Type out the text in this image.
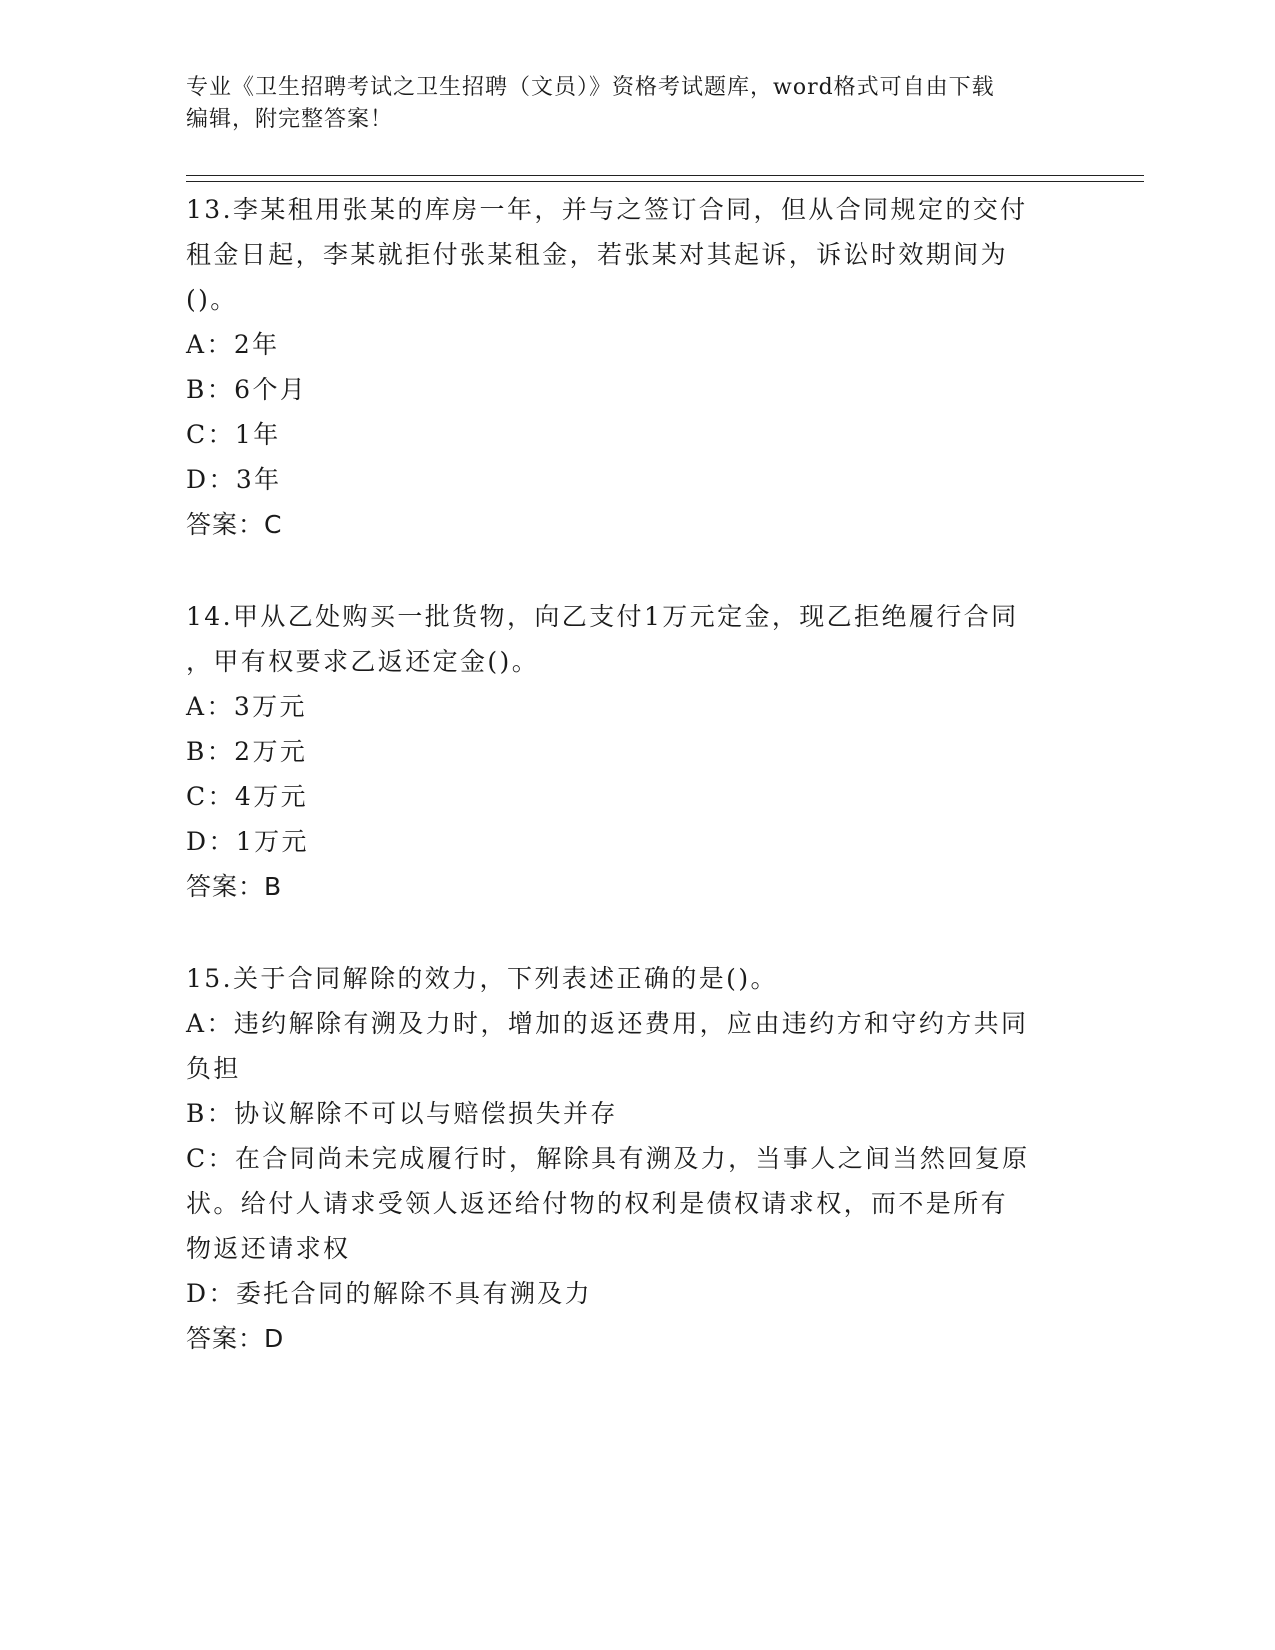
专业《卫生招聘考试之卫生招聘（文员）》资格考试题库，word格式可自由下载
编辑，附完整答案！
13.李某租用张某的库房一年，并与之签订合同，但从合同规定的交付
租金日起，李某就拒付张某租金，若张某对其起诉，诉讼时效期间为
()。
A：2年
B：6个月
C：1年
D：3年
答案：C
14.甲从乙处购买一批货物，向乙支付1万元定金，现乙拒绝履行合同
，甲有权要求乙返还定金()。
A：3万元
B：2万元
C：4万元
D：1万元
答案：B
15.关于合同解除的效力，下列表述正确的是()。
A：违约解除有溯及力时，增加的返还费用，应由违约方和守约方共同
负担
B：协议解除不可以与赔偿损失并存
C：在合同尚未完成履行时，解除具有溯及力，当事人之间当然回复原
状。给付人请求受领人返还给付物的权利是债权请求权，而不是所有
物返还请求权
D：委托合同的解除不具有溯及力
答案：D
